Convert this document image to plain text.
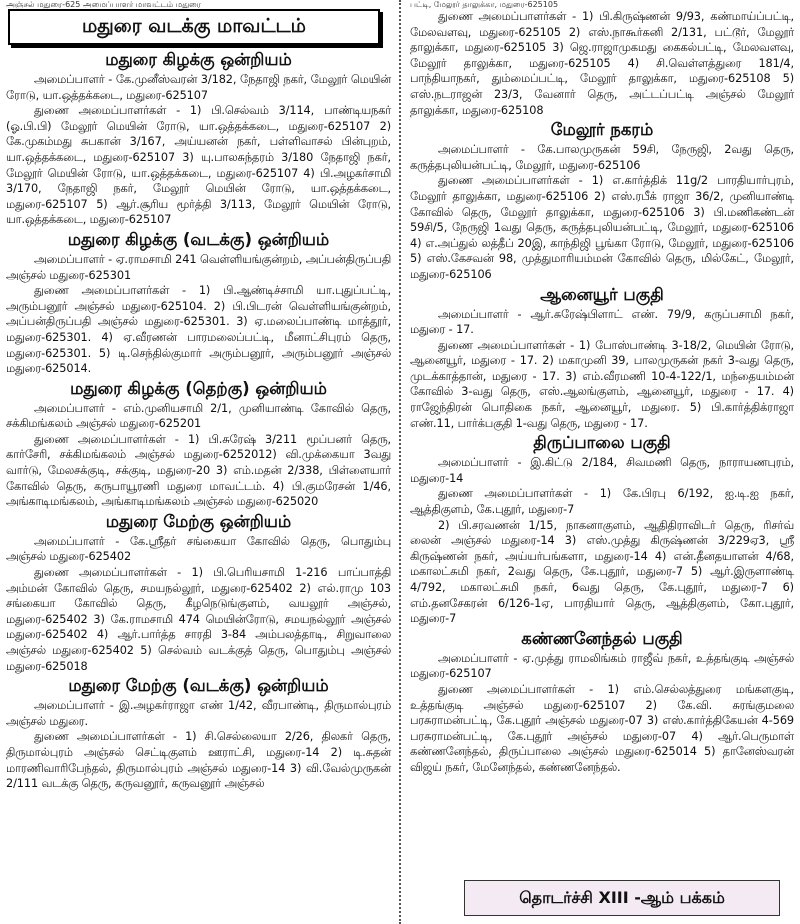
அஞ்சல் மதுரை-625 அமைப்பாளர் மாவட்டம் மதுரை
மதுரை வடக்கு மாவட்டம்
மதுரை கிழக்கு ஒன்றியம்

அமைப்பாளர் - கே.முனீஸ்வரன் 3/182, நேதாஜி நகர், மேலூர் மெயின் ரோடு, யா.ஒத்தக்கடை, மதுரை-625107

துணை அமைப்பாளர்கள் - 1) பி.செல்வம் 3/114, பாண்டியநகர் (ஓ.பி.பி) மேலூர் மெயின் ரோடு, யா.ஒத்தக்கடை, மதுரை-625107 2) கே.முகம்மது சுபகான் 3/167, அய்யனன் நகர், பள்ளிவாசல் பின்புறம், யா.ஒத்தக்கடை, மதுரை-625107 3) யு.பாலசுந்தரம் 3/180 நேதாஜி நகர், மேலூர் மெயின் ரோடு, யா.ஒத்தக்கடை, மதுரை-625107 4) பி.அழகர்சாமி 3/170, நேதாஜி நகர், மேலூர் மெயின் ரோடு, யா.ஒத்தக்கடை, மதுரை-625107 5) ஆர்.சூரிய மூர்த்தி 3/113, மேலூர் மெயின் ரோடு, யா.ஒத்தக்கடை, மதுரை-625107

மதுரை கிழக்கு (வடக்கு) ஒன்றியம்

அமைப்பாளர் - ஏ.ராமசாமி 241 வெள்ளியங்குன்றம், அப்பன்திருப்பதி அஞ்சல் மதுரை-625301

துணை அமைப்பாளர்கள் - 1) பி.ஆண்டிச்சாமி யா.புதுப்பட்டி, அரும்பனூர் அஞ்சல் மதுரை-625104. 2) பி.பிடரன் வெள்ளியங்குன்றம், அப்பன்திருப்பதி அஞ்சல் மதுரை-625301. 3) ஏ.மலைப்பாண்டி மாத்தூர், மதுரை-625301. 4) ஏ.வீரணன் பாரமலைப்பட்டி, மீனாட்சிபுரம் தெரு, மதுரை-625301. 5) டி.செந்தில்குமார் அரும்பனூர், அரும்பனூர் அஞ்சல் மதுரை-625014.

மதுரை கிழக்கு (தெற்கு) ஒன்றியம்

அமைப்பாளர் - எம்.முனியசாமி 2/1, முனியாண்டி கோவில் தெரு, சக்கிமங்கலம் அஞ்சல் மதுரை-625201

துணை அமைப்பாளர்கள் - 1) பி.சுரேஷ் 3/211 மூப்பனர் தெரு, கார்சேரி, சக்கிமங்கலம் அஞ்சல் மதுரை-6252012) வி.முக்கையா 3வது வார்டு, மேலசக்குடி, சக்குடி, மதுரை-20 3) எம்.மதன் 2/338, பிள்ளையார் கோவில் தெரு, கருபாயூரணி மதுரை மாவட்டம். 4) பி.குமரேசன் 1/46, அங்காடிமங்கலம், அங்காடிமங்கலம் அஞ்சல் மதுரை-625020

மதுரை மேற்கு ஒன்றியம்

அமைப்பாளர் - கே.ஸ்ரீதர் சங்கையா கோவில் தெரு, பொதும்பு அஞ்சல் மதுரை-625402

துணை அமைப்பாளர்கள் - 1) பி.பெரியசாமி 1-216 பாப்பாத்தி அம்மன் கோவில் தெரு, சமயநல்லூர், மதுரை-625402 2) எல்.ராமு 103 சங்கையா கோவில் தெரு, கீழநெடுங்குளம், வயலூர் அஞ்சல், மதுரை-625402 3) கே.ராமசாமி 474 மெயின்ரோடு, சமயநல்லூர் அஞ்சல் மதுரை-625402 4) ஆர்.பார்த்த சாரதி 3-84 அம்பலத்தாடி, சிறுவாலை அஞ்சல் மதுரை-625402 5) செல்வம் வடக்குத் தெரு, பொதும்பு அஞ்சல் மதுரை-625018

மதுரை மேற்கு (வடக்கு) ஒன்றியம்

அமைப்பாளர் - இ.அழகர்ராஜா எண் 1/42, வீரபாண்டி, திருமால்புரம் அஞ்சல் மதுரை.

துணை அமைப்பாளர்கள் - 1) சி.செல்லையா 2/26, திலகர் தெரு, திருமால்புரம் அஞ்சல் செட்டிகுளம் ஊராட்சி, மதுரை-14 2) டி.சுதன் மாரணிவாரிபேந்தல், திருமால்புரம் அஞ்சல் மதுரை-14 3) வி.வேல்முருகன் 2/111 வடக்கு தெரு, கருவனூர், கருவனூர் அஞ்சல்

பட்டி, மேலூர் தாலுக்கா, மதுரை-625105

துணை அமைப்பாளர்கள் - 1) பி.கிருஷ்ணன் 9/93, கண்மாய்ப்பட்டி, மேலவளவு, மதுரை-625105 2) எஸ்.நாகூர்கனி 2/131, பட்டூர், மேலூர் தாலுக்கா, மதுரை-625105 3) ஜெ.ராஜாமுகமது கைகல்பட்டி, மேலவளவு, மேலூர் தாலுக்கா, மதுரை-625105 4) சி.வெள்ளத்துரை 181/4, பாந்தியாநகர், தும்மைப்பட்டி, மேலூர் தாலுக்கா, மதுரை-625108 5) எஸ்.நடராஜன் 23/3, வேனார் தெரு, அட்டப்பட்டி அஞ்சல் மேலூர் தாலுக்கா, மதுரை-625108

மேலூர் நகரம்

அமைப்பாளர் - கே.பாலமுருகன் 59சி, நேருஜி, 2வது தெரு, கருத்தபுலியன்பட்டி, மேலூர், மதுரை-625106

துணை அமைப்பாளர்கள் - 1) எ.கார்த்திக் 11g/2 பாரதியார்புரம், மேலூர் தாலுக்கா, மதுரை-625106 2) எஸ்.ரபீக் ராஜா 36/2, முனியாண்டி கோவில் தெரு, மேலூர் தாலுக்கா, மதுரை-625106 3) பி.மணிகண்டன் 59சி/5, நேருஜி 1வது தெரு, கருத்தபுலியன்பட்டி, மேலூர், மதுரை-625106 4) எ.அப்துல் லத்தீப் 20இ, காந்திஜி பூங்கா ரோடு, மேலூர், மதுரை-625106 5) எஸ்.கேசவன் 98, முத்துமாரியம்மன் கோவில் தெரு, மில்கேட், மேலூர், மதுரை-625106

ஆனையூர் பகுதி

அமைப்பாளர் - ஆர்.சுரேஷ்பிளாட் எண். 79/9, கருப்பசாமி நகர், மதுரை - 17.

துணை அமைப்பாளர்கள் - 1) போஸ்பாண்டி 3-18/2, மெயின் ரோடு, ஆனையூர், மதுரை - 17. 2) மகாமுனி 39, பாலமுருகன் நகர் 3-வது தெரு, முடக்காத்தான், மதுரை - 17. 3) எம்.வீரமணி 10-4-122/1, மந்தையம்மன் கோவில் 3-வது தெரு, எஸ்.ஆலங்குளம், ஆனையூர், மதுரை - 17. 4) ராஜேந்திரன் பொதிகை நகர், ஆனையூர், மதுரை. 5) பி.கார்த்திக்ராஜா எண்.11, பார்க்பகுதி 1-வது தெரு, மதுரை - 17.

திருப்பாலை பகுதி

அமைப்பாளர் - இ.கிட்டு 2/184, சிவமணி தெரு, நாராயணபுரம், மதுரை-14

துணை அமைப்பாளர்கள் - 1) கே.பிரபு 6/192, ஐ.டி.ஐ நகர், ஆத்திகுளம், கே.புதூர், மதுரை-7

2) பி.சரவணன் 1/15, நாகனாகுளம், ஆதிதிராவிடர் தெரு, ரிசர்வ் லைன் அஞ்சல் மதுரை-14 3) எஸ்.முத்து கிருஷ்ணன் 3/229ஏ3, ஸ்ரீ கிருஷ்ணன் நகர், அய்யர்பங்களா, மதுரை-14 4) என்.தீனதயாளன் 4/68, மகாலட்சுமி நகர், 2வது தெரு, கே.புதூர், மதுரை-7 5) ஆர்.இருளாண்டி 4/792, மகாலட்சுமி நகர், 6வது தெரு, கே.புதூர், மதுரை-7 6) எம்.தனசேகரன் 6/126-1ஏ, பாரதியார் தெரு, ஆத்திகுளம், கோ.புதூர், மதுரை-7

கண்ணனேந்தல் பகுதி

அமைப்பாளர் - ஏ.முத்து ராமலிங்கம் ராஜீவ் நகர், உத்தங்குடி அஞ்சல் மதுரை-625107

துணை அமைப்பாளர்கள் - 1) எம்.செல்லத்துரை மங்களகுடி, உத்தங்குடி அஞ்சல் மதுரை-625107 2) கே.வி. சுரங்குமலை பரசுராமன்பட்டி, கே.புதூர் அஞ்சல் மதுரை-07 3) எஸ்.கார்த்திகேயன் 4-569 பரசுராமன்பட்டி, கே.புதூர் அஞ்சல் மதுரை-07 4) ஆர்.பெருமாள் கண்ணனேந்தல், திருப்பாலை அஞ்சல் மதுரை-625014 5) தானேஸ்வரன் விஜய் நகர், மேனேந்தல், கண்ணனேந்தல்.

தொடர்ச்சி XIII -ஆம் பக்கம்
